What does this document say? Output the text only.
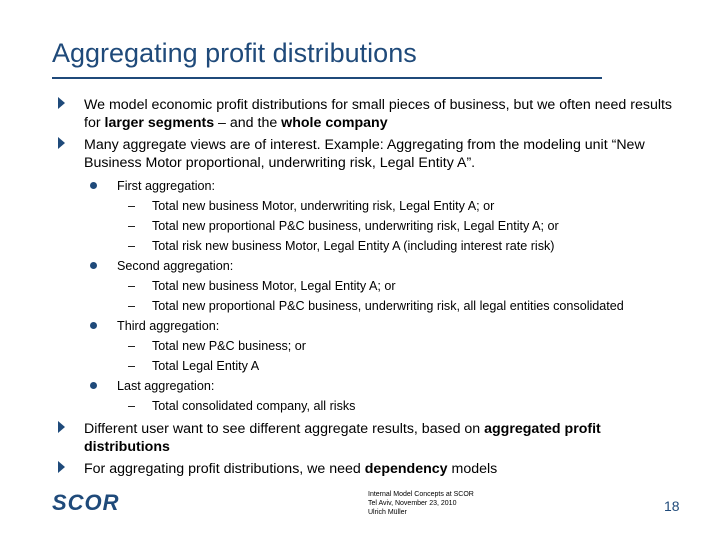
Aggregating profit distributions
We model economic profit distributions for small pieces of business, but we often need results for larger segments – and the whole company
Many aggregate views are of interest. Example: Aggregating from the modeling unit “New Business Motor proportional, underwriting risk, Legal Entity A”.
First aggregation:
– Total new business Motor, underwriting risk, Legal Entity A; or
– Total new proportional P&C business, underwriting risk, Legal Entity A; or
– Total risk new business Motor, Legal Entity A (including interest rate risk)
Second aggregation:
– Total new business Motor, Legal Entity A; or
– Total new proportional P&C business, underwriting risk, all legal entities consolidated
Third aggregation:
– Total new P&C business; or
– Total Legal Entity A
Last aggregation:
– Total consolidated company, all risks
Different user want to see different aggregate results, based on aggregated profit distributions
For aggregating profit distributions, we need dependency models
SCOR	Internal Model Concepts at SCOR
Tel Aviv, November 23, 2010
Ulrich Müller	18
